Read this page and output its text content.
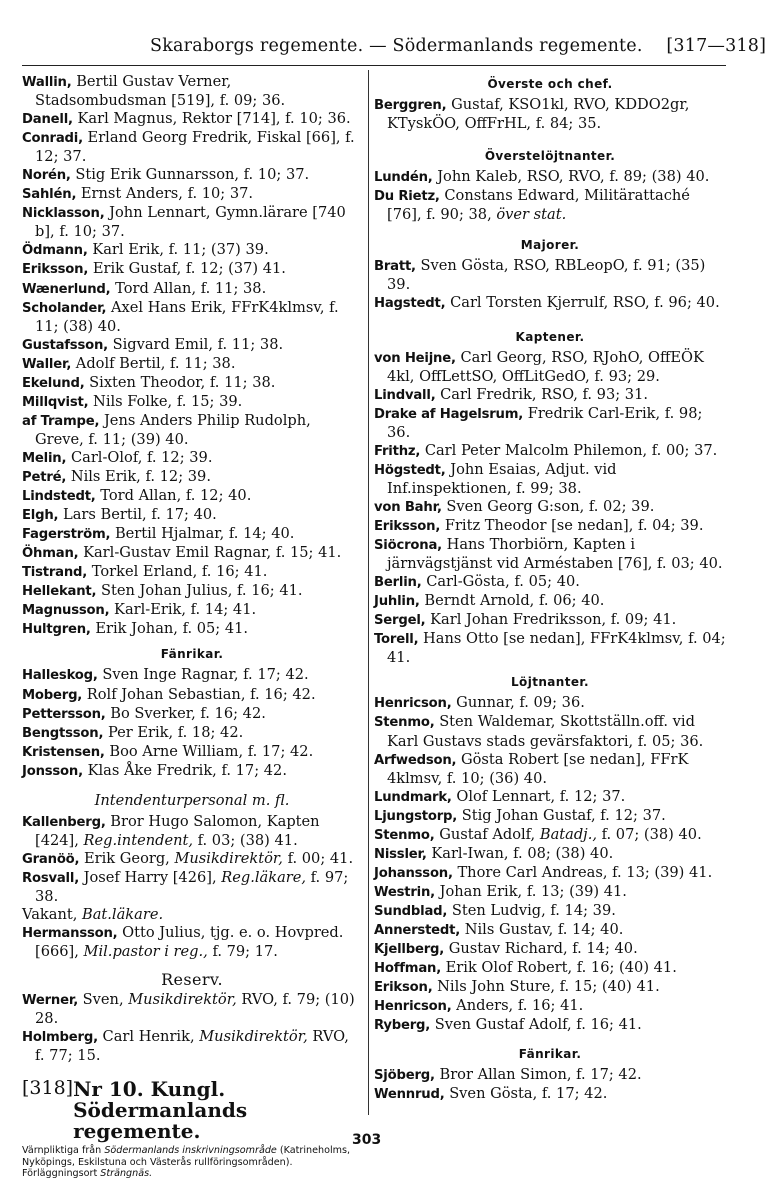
Skaraborgs regemente. — Södermanlands regemente. [317—318]

Wallin, Bertil Gustav Verner, Stadsombudsman [519], f. 09; 36.

Danell, Karl Magnus, Rektor [714], f. 10; 36.

Conradi, Erland Georg Fredrik, Fiskal [66], f. 12; 37.

Norén, Stig Erik Gunnarsson, f. 10; 37.

Sahlén, Ernst Anders, f. 10; 37.

Nicklasson, John Lennart, Gymn.lärare [740 b], f. 10; 37.

Ödmann, Karl Erik, f. 11; (37) 39.

Eriksson, Erik Gustaf, f. 12; (37) 41.

Wænerlund, Tord Allan, f. 11; 38.

Scholander, Axel Hans Erik, FFrK4klmsv, f. 11; (38) 40.

Gustafsson, Sigvard Emil, f. 11; 38.

Waller, Adolf Bertil, f. 11; 38.

Ekelund, Sixten Theodor, f. 11; 38.

Millqvist, Nils Folke, f. 15; 39.

af Trampe, Jens Anders Philip Rudolph, Greve, f. 11; (39) 40.

Melin, Carl-Olof, f. 12; 39.

Petré, Nils Erik, f. 12; 39.

Lindstedt, Tord Allan, f. 12; 40.

Elgh, Lars Bertil, f. 17; 40.

Fagerström, Bertil Hjalmar, f. 14; 40.

Öhman, Karl-Gustav Emil Ragnar, f. 15; 41.

Tistrand, Torkel Erland, f. 16; 41.

Hellekant, Sten Johan Julius, f. 16; 41.

Magnusson, Karl-Erik, f. 14; 41.

Hultgren, Erik Johan, f. 05; 41.

Fänrikar.

Halleskog, Sven Inge Ragnar, f. 17; 42.

Moberg, Rolf Johan Sebastian, f. 16; 42.

Pettersson, Bo Sverker, f. 16; 42.

Bengtsson, Per Erik, f. 18; 42.

Kristensen, Boo Arne William, f. 17; 42.

Jonsson, Klas Åke Fredrik, f. 17; 42.

Intendenturpersonal m. fl.

Kallenberg, Bror Hugo Salomon, Kapten [424], Reg.intendent, f. 03; (38) 41.

Granöö, Erik Georg, Musikdirektör, f. 00; 41.

Rosvall, Josef Harry [426], Reg.läkare, f. 97; 38.

Vakant, Bat.läkare.

Hermansson, Otto Julius, tjg. e. o. Hovpred. [666], Mil.pastor i reg., f. 79; 17.

Reserv.

Werner, Sven, Musikdirektör, RVO, f. 79; (10) 28.

Holmberg, Carl Henrik, Musikdirektör, RVO, f. 77; 15.

[318] Nr 10. Kungl. Södermanlands regemente.
Värnpliktiga från Södermanlands inskrivningsområde (Katrineholms, Nyköpings, Eskilstuna och Västerås rullföringsområden). Förläggningsort Strängnäs.
Överste och chef.

Berggren, Gustaf, KSO1kl, RVO, KDDO2gr, KTyskÖO, OffFrHL, f. 84; 35.

Överstelöjtnanter.

Lundén, John Kaleb, RSO, RVO, f. 89; (38) 40.

Du Rietz, Constans Edward, Militärattaché [76], f. 90; 38, över stat.

Majorer.

Bratt, Sven Gösta, RSO, RBLeopO, f. 91; (35) 39.

Hagstedt, Carl Torsten Kjerrulf, RSO, f. 96; 40.

Kaptener.

von Heijne, Carl Georg, RSO, RJohO, OffEÖK 4kl, OffLettSO, OffLitGedO, f. 93; 29.

Lindvall, Carl Fredrik, RSO, f. 93; 31.

Drake af Hagelsrum, Fredrik Carl-Erik, f. 98; 36.

Frithz, Carl Peter Malcolm Philemon, f. 00; 37.

Högstedt, John Esaias, Adjut. vid Inf.inspektionen, f. 99; 38.

von Bahr, Sven Georg G:son, f. 02; 39.

Eriksson, Fritz Theodor [se nedan], f. 04; 39.

Siöcrona, Hans Thorbiörn, Kapten i järnvägstjänst vid Arméstaben [76], f. 03; 40.

Berlin, Carl-Gösta, f. 05; 40.

Juhlin, Berndt Arnold, f. 06; 40.

Sergel, Karl Johan Fredriksson, f. 09; 41.

Torell, Hans Otto [se nedan], FFrK4klmsv, f. 04; 41.

Löjtnanter.

Henricson, Gunnar, f. 09; 36.

Stenmo, Sten Waldemar, Skottställn.off. vid Karl Gustavs stads gevärsfaktori, f. 05; 36.

Arfwedson, Gösta Robert [se nedan], FFrK 4klmsv, f. 10; (36) 40.

Lundmark, Olof Lennart, f. 12; 37.

Ljungstorp, Stig Johan Gustaf, f. 12; 37.

Stenmo, Gustaf Adolf, Batadj., f. 07; (38) 40.

Nissler, Karl-Iwan, f. 08; (38) 40.

Johansson, Thore Carl Andreas, f. 13; (39) 41.

Westrin, Johan Erik, f. 13; (39) 41.

Sundblad, Sten Ludvig, f. 14; 39.

Annerstedt, Nils Gustav, f. 14; 40.

Kjellberg, Gustav Richard, f. 14; 40.

Hoffman, Erik Olof Robert, f. 16; (40) 41.

Erikson, Nils John Sture, f. 15; (40) 41.

Henricson, Anders, f. 16; 41.

Ryberg, Sven Gustaf Adolf, f. 16; 41.

Fänrikar.

Sjöberg, Bror Allan Simon, f. 17; 42.

Wennrud, Sven Gösta, f. 17; 42.

303
